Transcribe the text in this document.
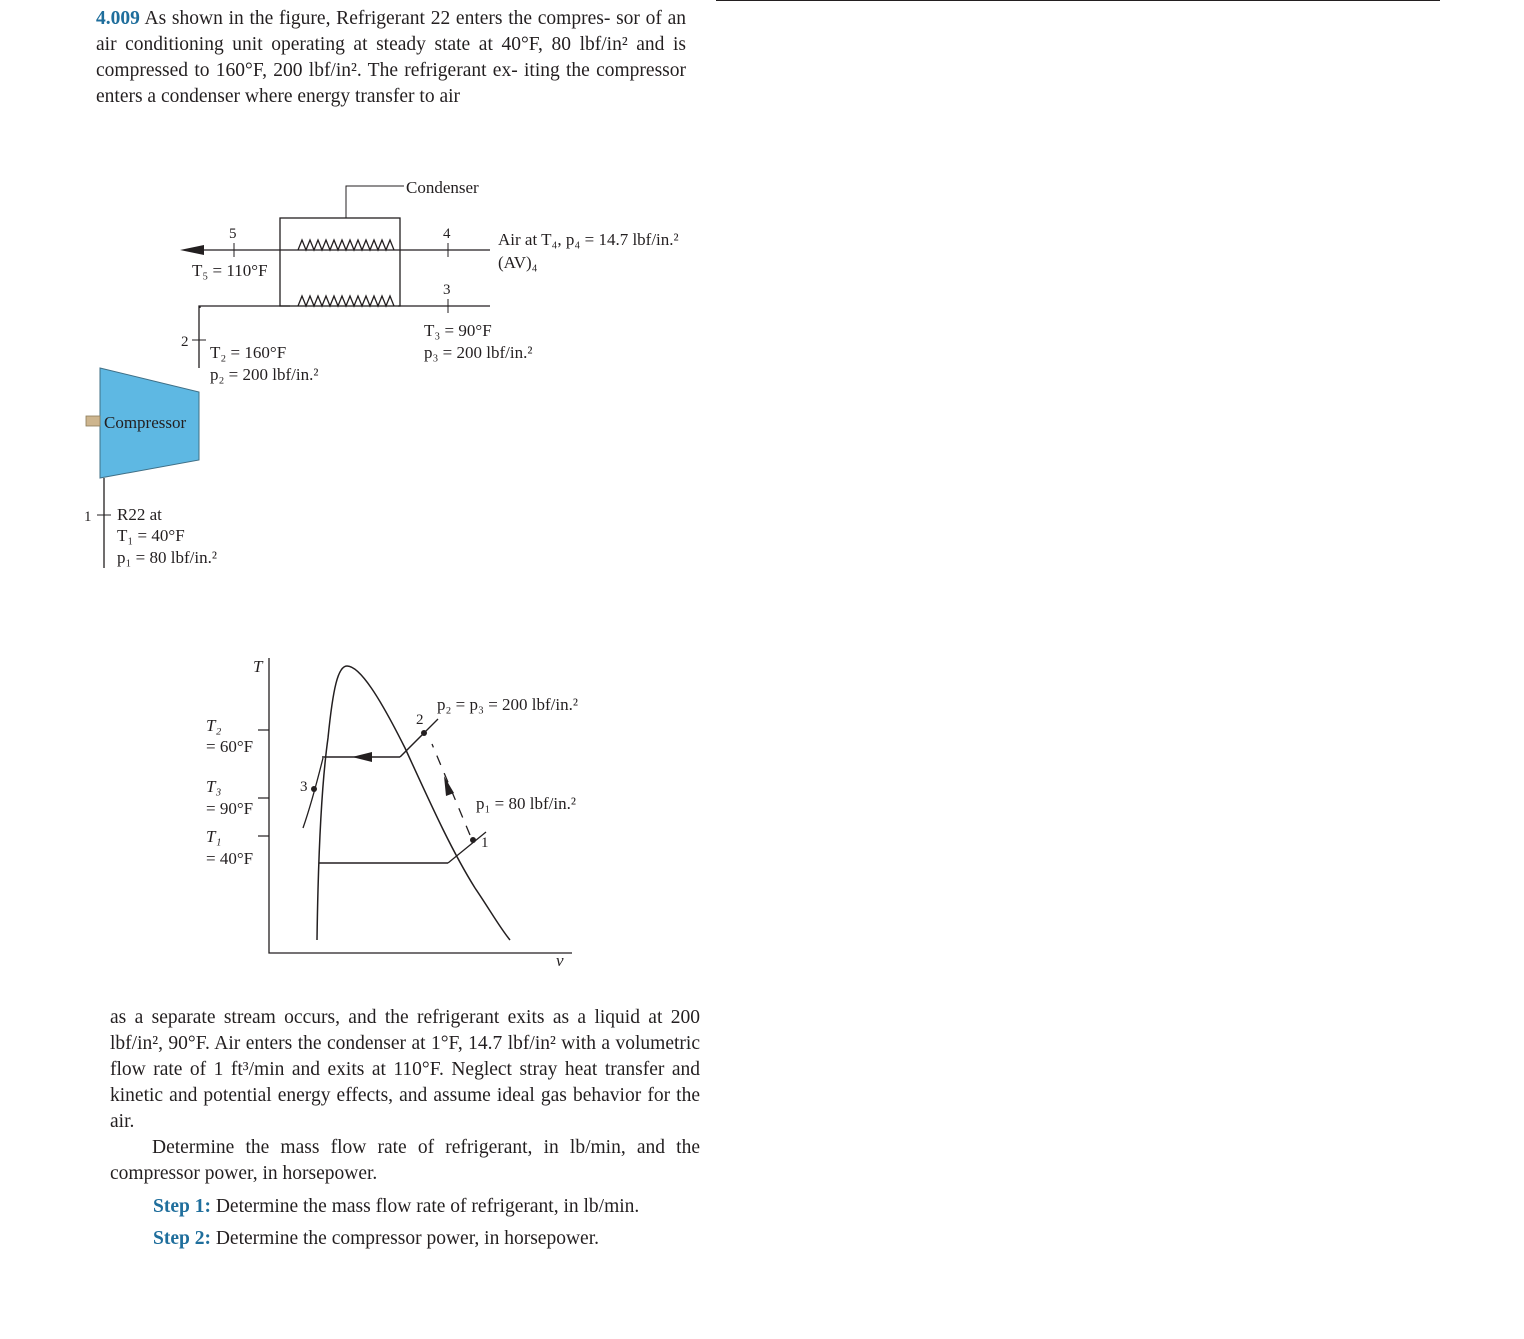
4.009 As shown in the figure, Refrigerant 22 enters the compres- sor of an air conditioning unit operating at steady state at 40°F, 80 lbf/in² and is compressed to 160°F, 200 lbf/in². The refrigerant ex- iting the compressor enters a condenser where energy transfer to air
Condenser
5	4
T₅ = 110°F
Air at T₄, p₄ = 14.7 lbf/in.²
(AV)₄
3
T₃ = 90°F
p₃ = 200 lbf/in.²
2
T₂ = 160°F
p₂ = 200 lbf/in.²
Compressor
1 R22 at
T₁ = 40°F
p₁ = 80 lbf/in.²
T
v
T₂
= 60°F
T₃
= 90°F
T₁
= 40°F
2
3
1
p₂ = p₃ = 200 lbf/in.²
p₁ = 80 lbf/in.²
as a separate stream occurs, and the refrigerant exits as a liquid at 200 lbf/in², 90°F. Air enters the condenser at 1°F, 14.7 lbf/in² with a volumetric flow rate of 1 ft³/min and exits at 110°F. Neglect stray heat transfer and kinetic and potential energy effects, and assume ideal gas behavior for the air.
Determine the mass flow rate of refrigerant, in lb/min, and the compressor power, in horsepower.
Step 1: Determine the mass flow rate of refrigerant, in lb/min.
Step 2: Determine the compressor power, in horsepower.
